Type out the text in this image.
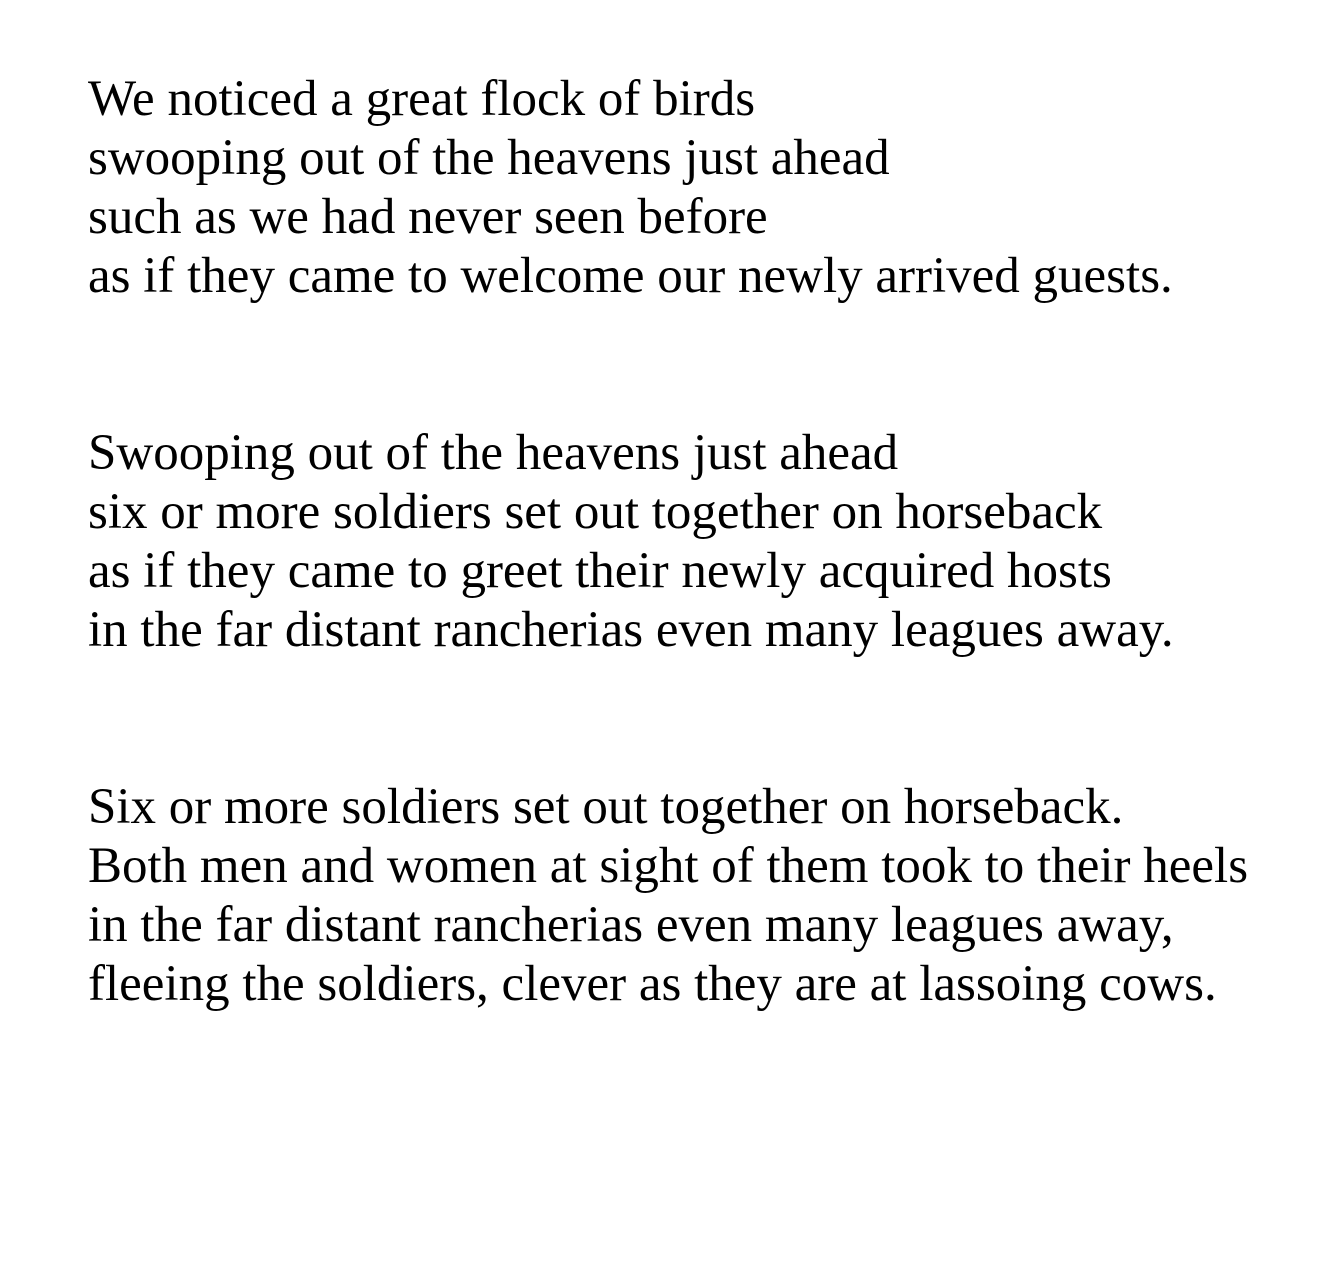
We noticed a great flock of birds
swooping out of the heavens just ahead
such as we had never seen before
as if they came to welcome our newly arrived guests.

Swooping out of the heavens just ahead
six or more soldiers set out together on horseback
as if they came to greet their newly acquired hosts
in the far distant rancherias even many leagues away.

Six or more soldiers set out together on horseback.
Both men and women at sight of them took to their heels
in the far distant rancherias even many leagues away,
fleeing the soldiers, clever as they are at lassoing cows.
